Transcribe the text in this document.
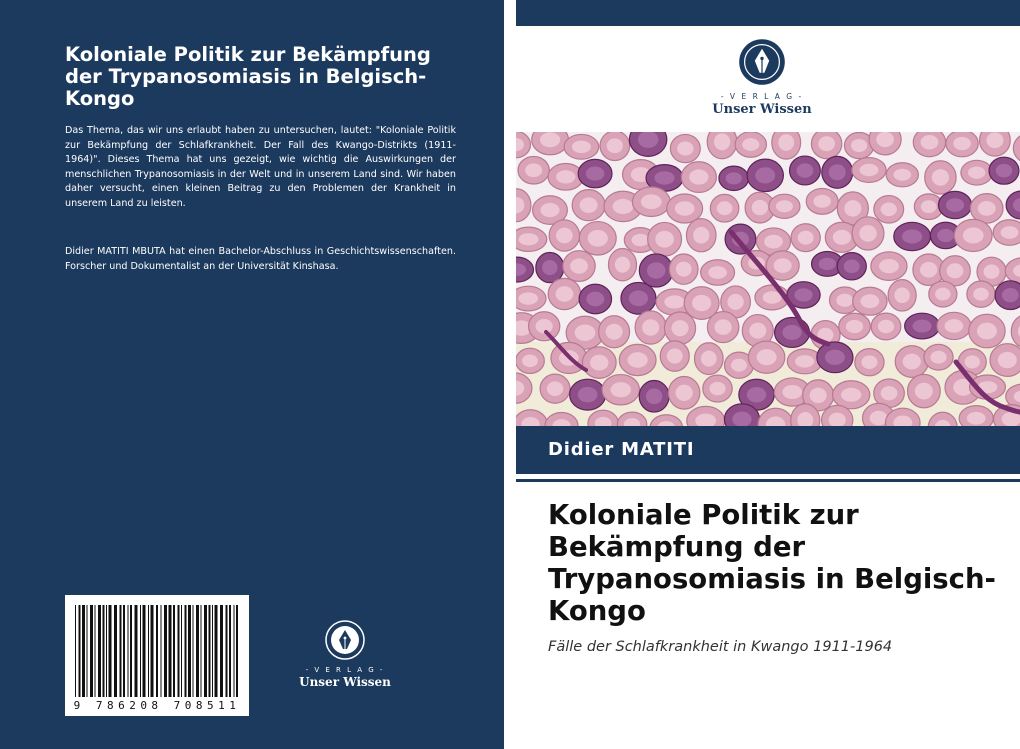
Koloniale Politik zur Bekämpfung der Trypanosomiasis in Belgisch-Kongo

Das Thema, das wir uns erlaubt haben zu untersuchen, lautet: "Koloniale Politik zur Bekämpfung der Schlafkrankheit. Der Fall des Kwango-Distrikts (1911-1964)". Dieses Thema hat uns gezeigt, wie wichtig die Auswirkungen der menschlichen Trypanosomiasis in der Welt und in unserem Land sind. Wir haben daher versucht, einen kleinen Beitrag zu den Problemen der Krankheit in unserem Land zu leisten.

Didier MATITI MBUTA hat einen Bachelor-Abschluss in Geschichtswissenschaften. Forscher und Dokumentalist an der Universität Kinshasa.

9 786208 708511
- V E R L A G -
Unser Wissen
- V E R L A G -
Unser Wissen
Didier MATITI
Koloniale Politik zur Bekämpfung der Trypanosomiasis in Belgisch-Kongo

Fälle der Schlafkrankheit in Kwango 1911-1964
